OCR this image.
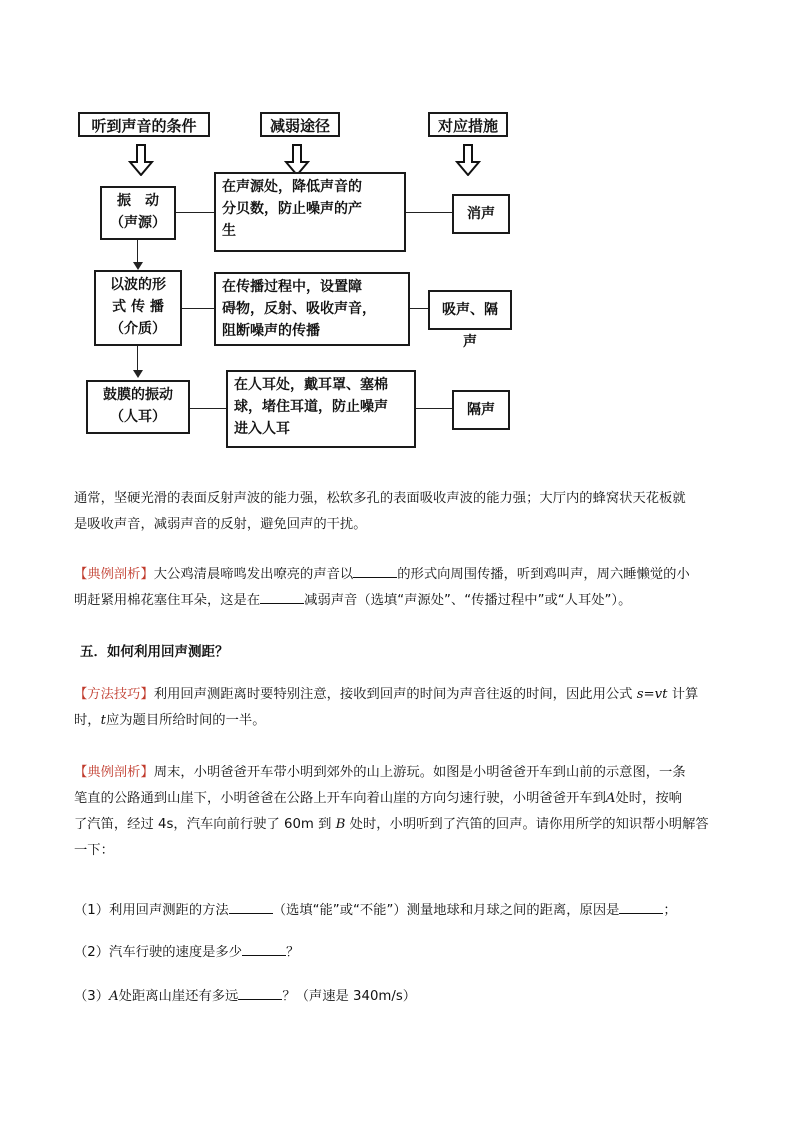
听到声音的条件	减弱途径	对应措施
振　动
（声源）
在声源处，降低声音的
分贝数，防止噪声的产
生
消声
以波的形
式 传 播
（介质）
在传播过程中，设置障
碍物，反射、吸收声音，
阻断噪声的传播
吸声、隔声
鼓膜的振动
（人耳）
在人耳处，戴耳罩、塞棉
球，堵住耳道，防止噪声
进入人耳
隔声
通常，坚硬光滑的表面反射声波的能力强，松软多孔的表面吸收声波的能力强；大厅内的蜂窝状天花板就
是吸收声音，减弱声音的反射，避免回声的干扰。
【典例剖析】大公鸡清晨啼鸣发出嘹亮的声音以	的形式向周围传播，听到鸡叫声，周六睡懒觉的小
明赶紧用棉花塞住耳朵，这是在	减弱声音（选填“声源处”、“传播过程中”或“人耳处”）。
五．如何利用回声测距？
【方法技巧】利用回声测距离时要特别注意，接收到回声的时间为声音往返的时间，因此用公式 s=vt 计算
时，t应为题目所给时间的一半。
【典例剖析】周末，小明爸爸开车带小明到郊外的山上游玩。如图是小明爸爸开车到山前的示意图，一条
笔直的公路通到山崖下，小明爸爸在公路上开车向着山崖的方向匀速行驶，小明爸爸开车到A处时，按响
了汽笛，经过 4s，汽车向前行驶了 60m 到 B 处时，小明听到了汽笛的回声。请你用所学的知识帮小明解答
一下：
（1）利用回声测距的方法	（选填“能”或“不能”）测量地球和月球之间的距离，原因是	；
（2）汽车行驶的速度是多少	？
（3）A处距离山崖还有多远	？（声速是 340m/s）
